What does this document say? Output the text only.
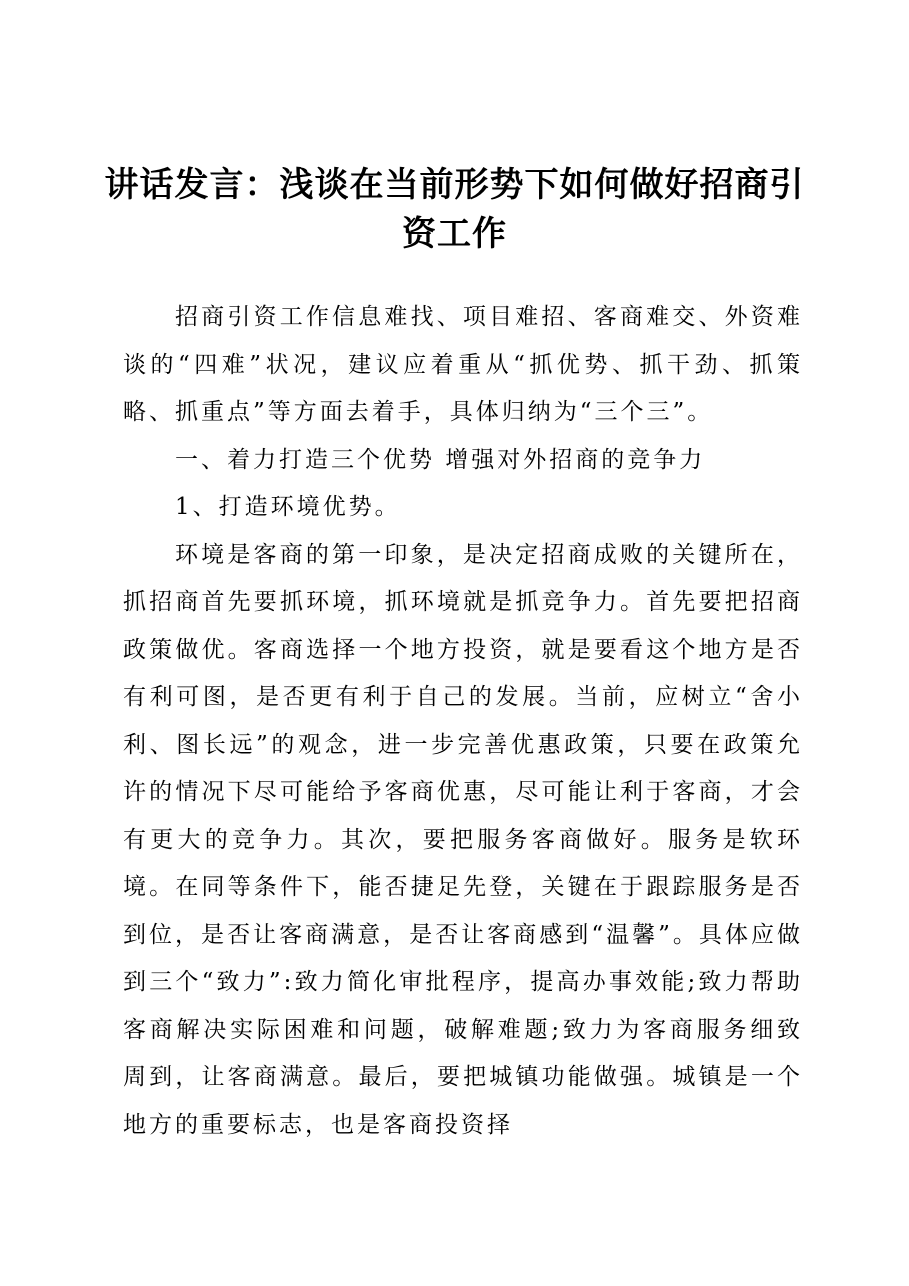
讲话发言：浅谈在当前形势下如何做好招商引
资工作

招商引资工作信息难找、项目难招、客商难交、外资难谈的“四难”状况，建议应着重从“抓优势、抓干劲、抓策略、抓重点”等方面去着手，具体归纳为“三个三”。

一、着力打造三个优势 增强对外招商的竞争力

1、打造环境优势。

环境是客商的第一印象，是决定招商成败的关键所在，抓招商首先要抓环境，抓环境就是抓竞争力。首先要把招商政策做优。客商选择一个地方投资，就是要看这个地方是否有利可图，是否更有利于自己的发展。当前，应树立“舍小利、图长远”的观念，进一步完善优惠政策，只要在政策允许的情况下尽可能给予客商优惠，尽可能让利于客商，才会有更大的竞争力。其次，要把服务客商做好。服务是软环境。在同等条件下，能否捷足先登，关键在于跟踪服务是否到位，是否让客商满意，是否让客商感到“温馨”。具体应做到三个“致力”:致力简化审批程序，提高办事效能;致力帮助客商解决实际困难和问题，破解难题;致力为客商服务细致周到，让客商满意。最后，要把城镇功能做强。城镇是一个地方的重要标志，也是客商投资择
